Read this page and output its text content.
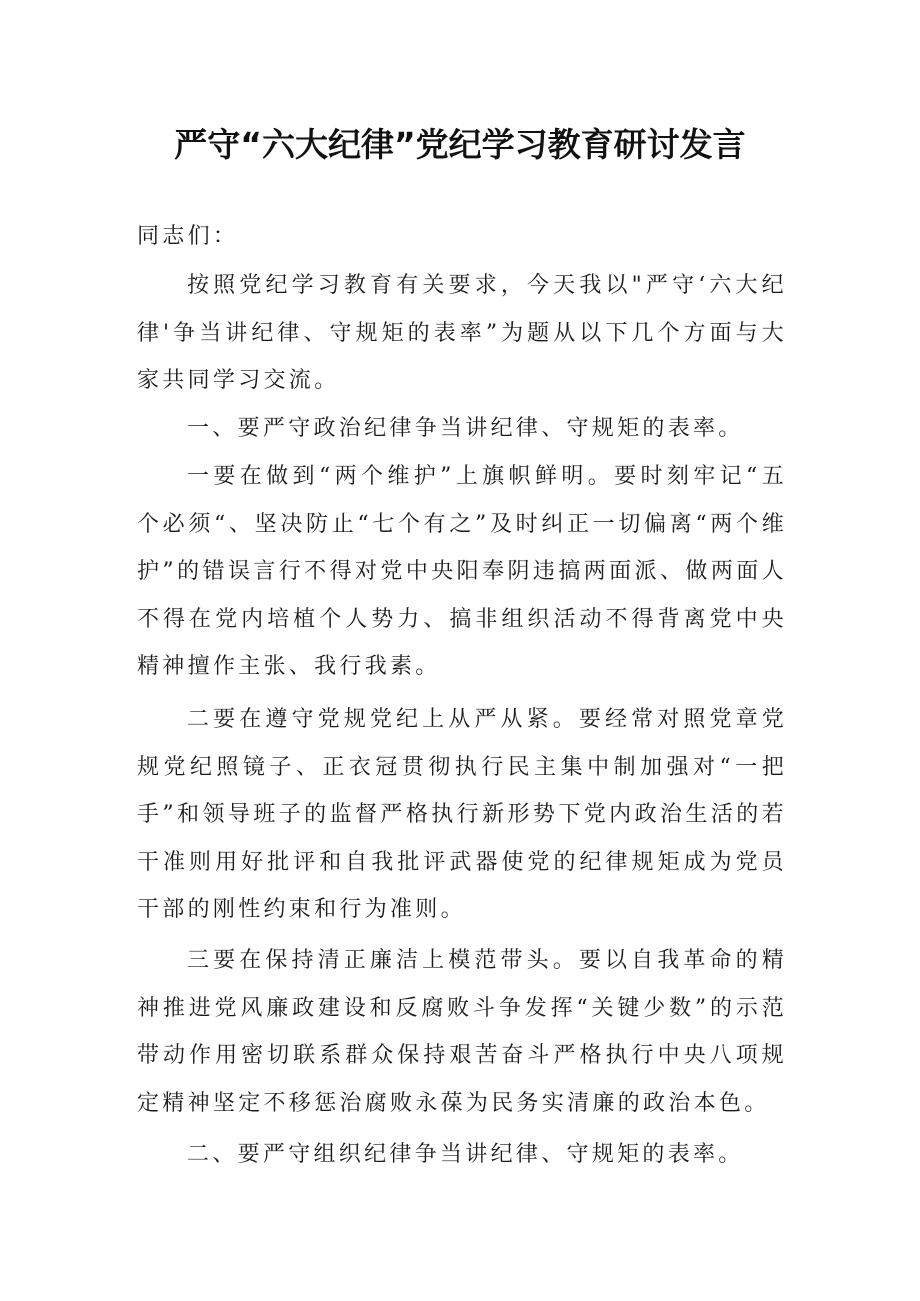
严守“六大纪律”党纪学习教育研讨发言

同志们：

按照党纪学习教育有关要求，今天我以"严守‘六大纪律'争当讲纪律、守规矩的表率”为题从以下几个方面与大家共同学习交流。

一、要严守政治纪律争当讲纪律、守规矩的表率。

一要在做到“两个维护”上旗帜鲜明。要时刻牢记“五个必须“、坚决防止“七个有之”及时纠正一切偏离“两个维护”的错误言行不得对党中央阳奉阴违搞两面派、做两面人不得在党内培植个人势力、搞非组织活动不得背离党中央精神擅作主张、我行我素。

二要在遵守党规党纪上从严从紧。要经常对照党章党规党纪照镜子、正衣冠贯彻执行民主集中制加强对“一把手”和领导班子的监督严格执行新形势下党内政治生活的若干准则用好批评和自我批评武器使党的纪律规矩成为党员干部的刚性约束和行为准则。

三要在保持清正廉洁上模范带头。要以自我革命的精神推进党风廉政建设和反腐败斗争发挥“关键少数”的示范带动作用密切联系群众保持艰苦奋斗严格执行中央八项规定精神坚定不移惩治腐败永葆为民务实清廉的政治本色。

二、要严守组织纪律争当讲纪律、守规矩的表率。
